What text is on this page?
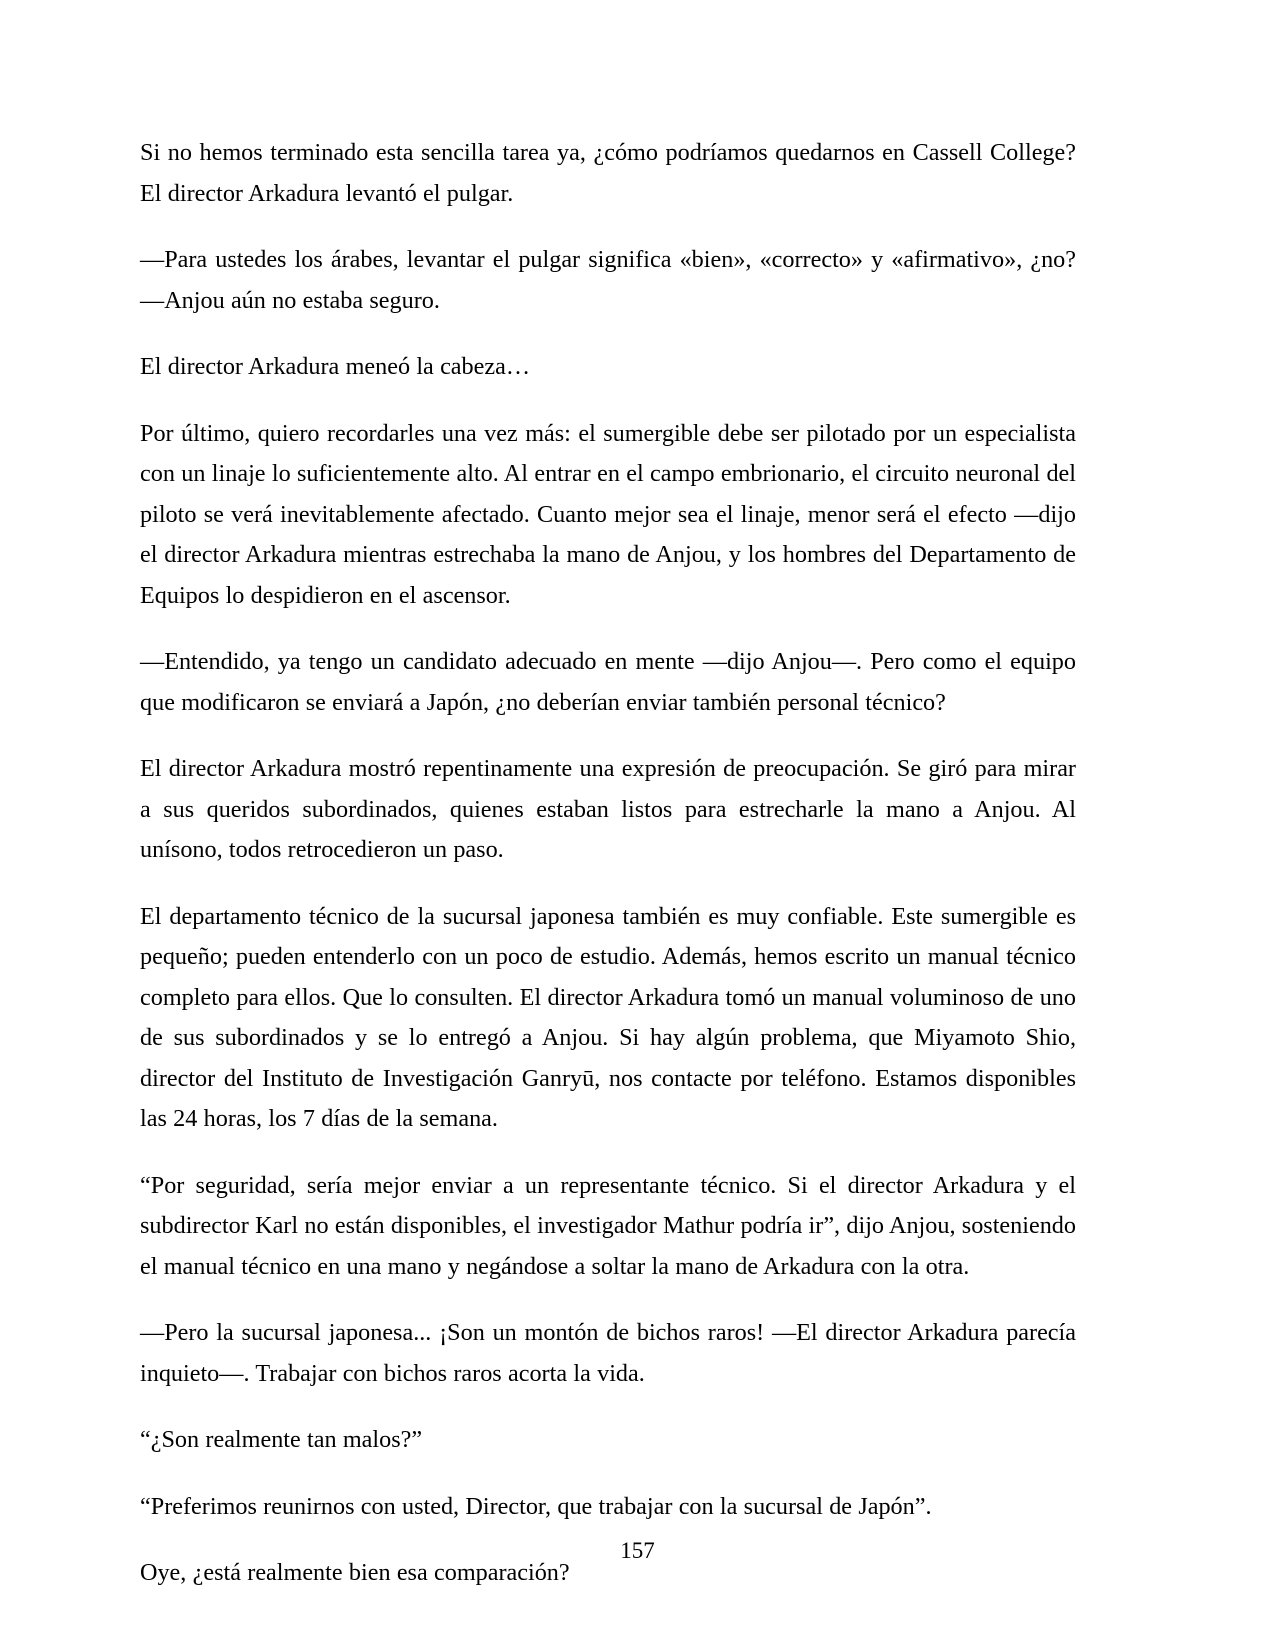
Si no hemos terminado esta sencilla tarea ya, ¿cómo podríamos quedarnos en Cassell College? El director Arkadura levantó el pulgar.

—Para ustedes los árabes, levantar el pulgar significa «bien», «correcto» y «afirmativo», ¿no? —Anjou aún no estaba seguro.

El director Arkadura meneó la cabeza…

Por último, quiero recordarles una vez más: el sumergible debe ser pilotado por un especialista con un linaje lo suficientemente alto. Al entrar en el campo embrionario, el circuito neuronal del piloto se verá inevitablemente afectado. Cuanto mejor sea el linaje, menor será el efecto —dijo el director Arkadura mientras estrechaba la mano de Anjou, y los hombres del Departamento de Equipos lo despidieron en el ascensor.

—Entendido, ya tengo un candidato adecuado en mente —dijo Anjou—. Pero como el equipo que modificaron se enviará a Japón, ¿no deberían enviar también personal técnico?

El director Arkadura mostró repentinamente una expresión de preocupación. Se giró para mirar a sus queridos subordinados, quienes estaban listos para estrecharle la mano a Anjou. Al unísono, todos retrocedieron un paso.

El departamento técnico de la sucursal japonesa también es muy confiable. Este sumergible es pequeño; pueden entenderlo con un poco de estudio. Además, hemos escrito un manual técnico completo para ellos. Que lo consulten. El director Arkadura tomó un manual voluminoso de uno de sus subordinados y se lo entregó a Anjou. Si hay algún problema, que Miyamoto Shio, director del Instituto de Investigación Ganryū, nos contacte por teléfono. Estamos disponibles las 24 horas, los 7 días de la semana.

“Por seguridad, sería mejor enviar a un representante técnico. Si el director Arkadura y el subdirector Karl no están disponibles, el investigador Mathur podría ir”, dijo Anjou, sosteniendo el manual técnico en una mano y negándose a soltar la mano de Arkadura con la otra.

—Pero la sucursal japonesa... ¡Son un montón de bichos raros! —El director Arkadura parecía inquieto—. Trabajar con bichos raros acorta la vida.

“¿Son realmente tan malos?”

“Preferimos reunirnos con usted, Director, que trabajar con la sucursal de Japón”.

Oye, ¿está realmente bien esa comparación?

157
